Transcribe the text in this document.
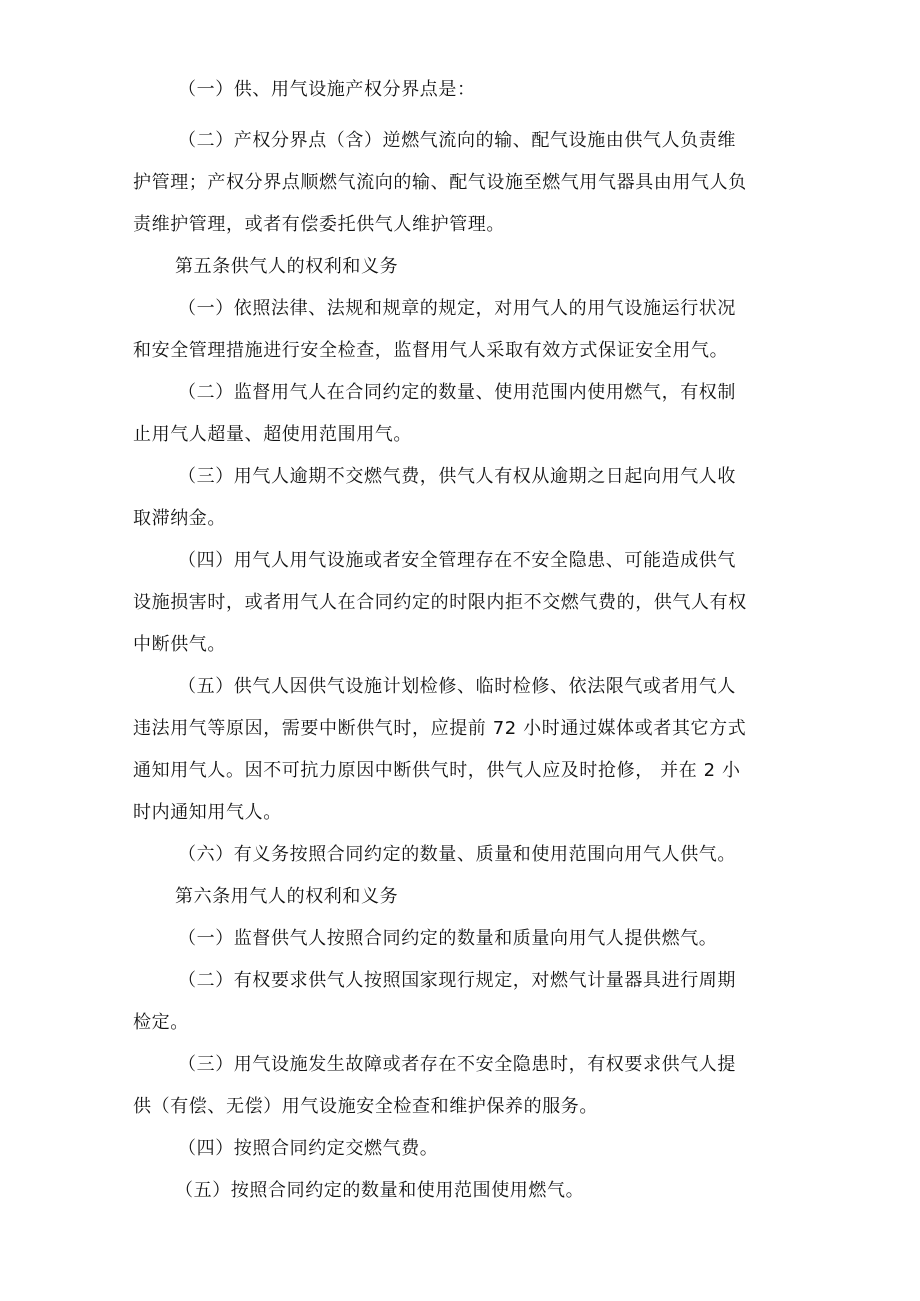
（一）供、用气设施产权分界点是：
（二）产权分界点（含）逆燃气流向的输、配气设施由供气人负责维
护管理；产权分界点顺燃气流向的输、配气设施至燃气用气器具由用气人负
责维护管理，或者有偿委托供气人维护管理。
第五条供气人的权利和义务
（一）依照法律、法规和规章的规定，对用气人的用气设施运行状况
和安全管理措施进行安全检查，监督用气人采取有效方式保证安全用气。
（二）监督用气人在合同约定的数量、使用范围内使用燃气，有权制
止用气人超量、超使用范围用气。
（三）用气人逾期不交燃气费，供气人有权从逾期之日起向用气人收
取滞纳金。
（四）用气人用气设施或者安全管理存在不安全隐患、可能造成供气
设施损害时，或者用气人在合同约定的时限内拒不交燃气费的，供气人有权
中断供气。
（五）供气人因供气设施计划检修、临时检修、依法限气或者用气人
违法用气等原因，需要中断供气时，应提前 72 小时通过媒体或者其它方式
通知用气人。因不可抗力原因中断供气时，供气人应及时抢修， 并在 2 小
时内通知用气人。
（六）有义务按照合同约定的数量、质量和使用范围向用气人供气。
第六条用气人的权利和义务
（一）监督供气人按照合同约定的数量和质量向用气人提供燃气。
（二）有权要求供气人按照国家现行规定，对燃气计量器具进行周期
检定。
（三）用气设施发生故障或者存在不安全隐患时，有权要求供气人提
供（有偿、无偿）用气设施安全检查和维护保养的服务。
（四）按照合同约定交燃气费。
（五）按照合同约定的数量和使用范围使用燃气。
